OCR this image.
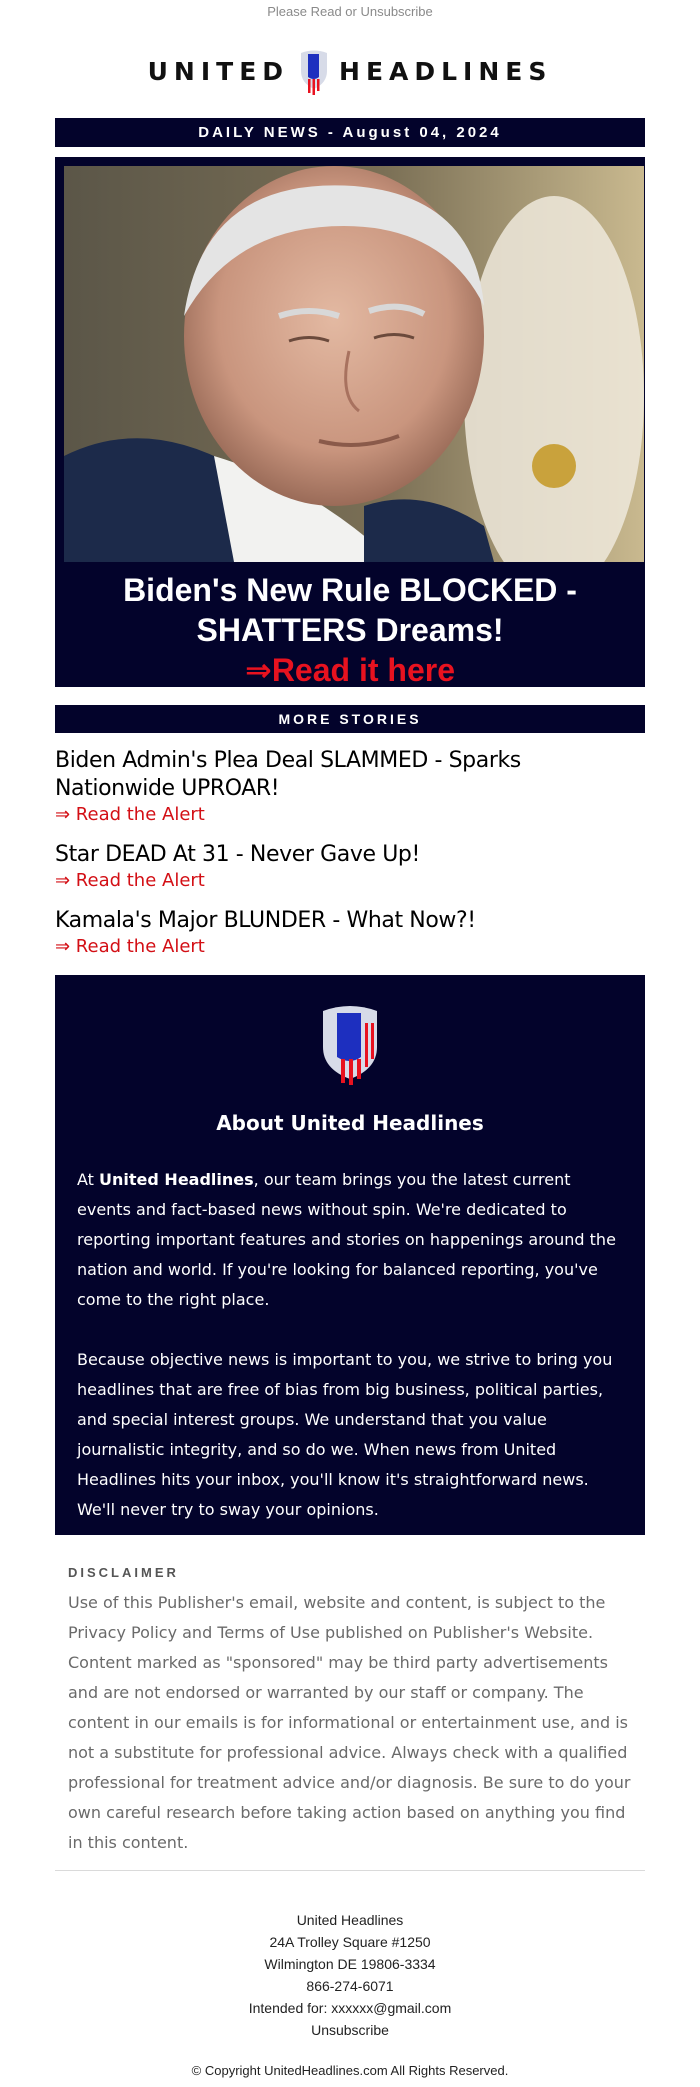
Please Read or Unsubscribe
UNITED HEADLINES
DAILY NEWS - August 04, 2024
Biden's New Rule BLOCKED - SHATTERS Dreams!
⇒Read it here
MORE STORIES
Biden Admin's Plea Deal SLAMMED - Sparks Nationwide UPROAR!
⇒ Read the Alert
Star DEAD At 31 - Never Gave Up!
⇒ Read the Alert
Kamala's Major BLUNDER - What Now?!
⇒ Read the Alert
About United Headlines

At United Headlines, our team brings you the latest current events and fact-based news without spin. We're dedicated to reporting important features and stories on happenings around the nation and world. If you're looking for balanced reporting, you've come to the right place.

Because objective news is important to you, we strive to bring you headlines that are free of bias from big business, political parties, and special interest groups. We understand that you value journalistic integrity, and so do we. When news from United Headlines hits your inbox, you'll know it's straightforward news. We'll never try to sway your opinions.

DISCLAIMER
Use of this Publisher's email, website and content, is subject to the Privacy Policy and Terms of Use published on Publisher's Website. Content marked as "sponsored" may be third party advertisements and are not endorsed or warranted by our staff or company. The content in our emails is for informational or entertainment use, and is not a substitute for professional advice. Always check with a qualified professional for treatment advice and/or diagnosis. Be sure to do your own careful research before taking action based on anything you find in this content.
United Headlines
24A Trolley Square #1250
Wilmington DE 19806-3334
866-274-6071
Intended for: xxxxxx@gmail.com
Unsubscribe
© Copyright UnitedHeadlines.com All Rights Reserved.
